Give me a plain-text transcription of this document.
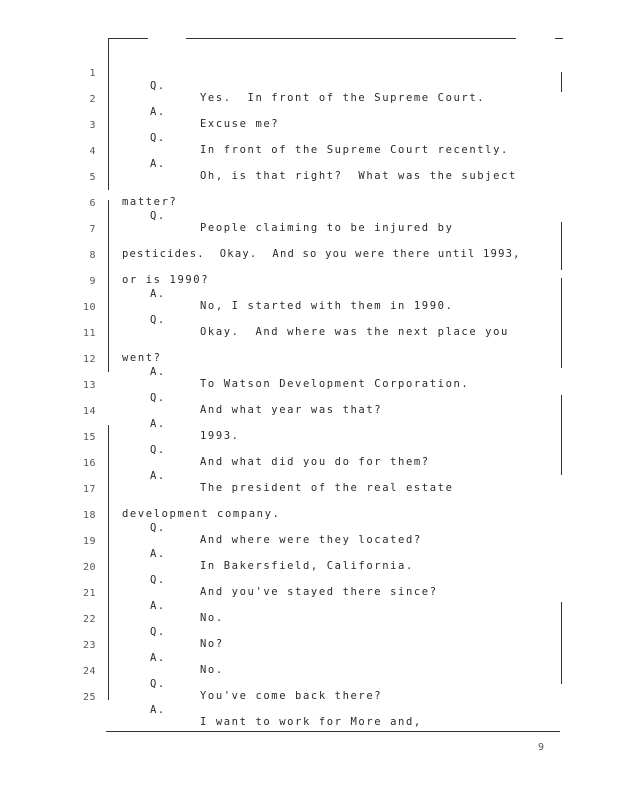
1

Q.

Yes.  In front of the Supreme Court.

2

A.

Excuse me?

3

Q.

In front of the Supreme Court recently.

4

A.

Oh, is that right?  What was the subject

5

matter?

6

Q.

People claiming to be injured by

7

pesticides.  Okay.  And so you were there until 1993,

8

or is 1990?

9

A.

No, I started with them in 1990.

10

Q.

Okay.  And where was the next place you

11

went?

12

A.

To Watson Development Corporation.

13

Q.

And what year was that?

14

A.

1993.

15

Q.

And what did you do for them?

16

A.

The president of the real estate

17

development company.

18

Q.

And where were they located?

19

A.

In Bakersfield, California.

20

Q.

And you've stayed there since?

21

A.

No.

22

Q.

No?

23

A.

No.

24

Q.

You've come back there?

25

A.

I want to work for More and,

9
